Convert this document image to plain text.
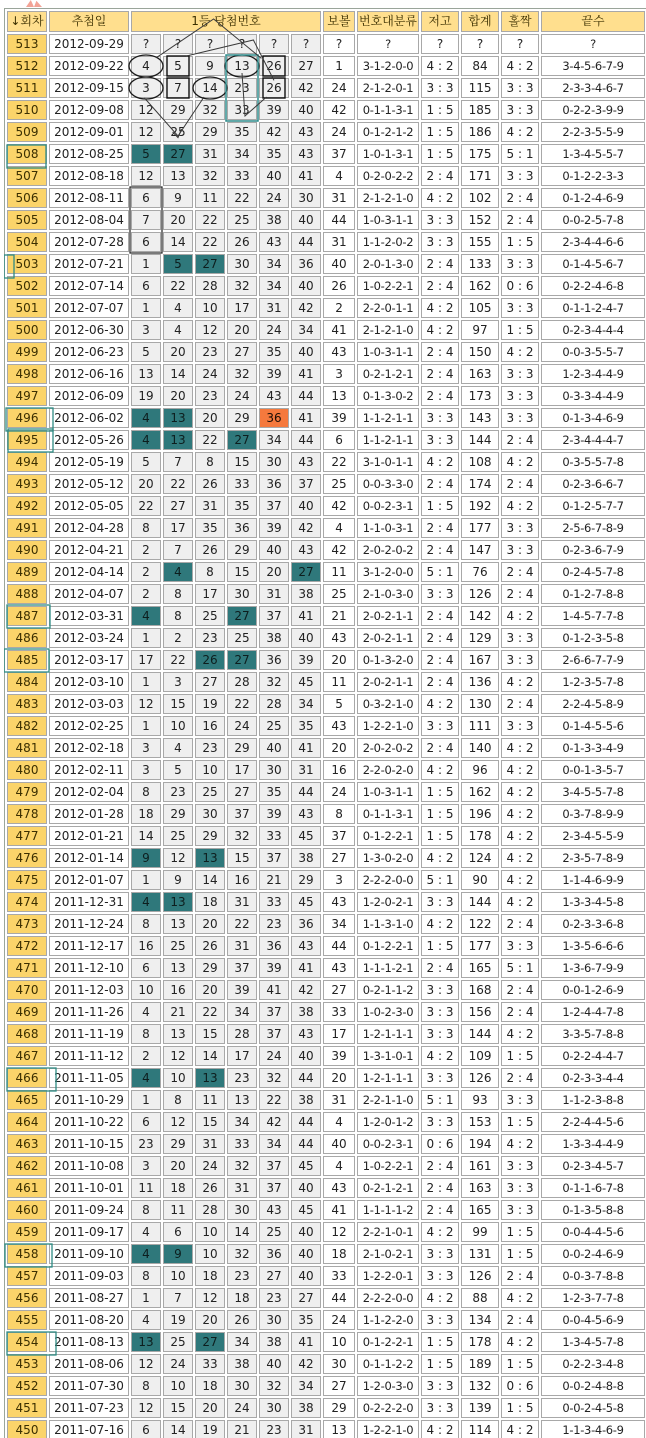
↓회차	추첨일	1등 당첨번호						보볼	번호대분류	저고	합계	홀짝	끝수
513	2012-09-29	?	?	?	?	?	?	?	?	?	?	?	?
512	2012-09-22	4	5	9	13	26	27	1	3-1-2-0-0	4 : 2	84	4 : 2	3-4-5-6-7-9
511	2012-09-15	3	7	14	23	26	42	24	2-1-2-0-1	3 : 3	115	3 : 3	2-3-3-4-6-7
510	2012-09-08	12	29	32	33	39	40	42	0-1-1-3-1	1 : 5	185	3 : 3	0-2-2-3-9-9
509	2012-09-01	12	25	29	35	42	43	24	0-1-2-1-2	1 : 5	186	4 : 2	2-2-3-5-5-9
508	2012-08-25	5	27	31	34	35	43	37	1-0-1-3-1	1 : 5	175	5 : 1	1-3-4-5-5-7
507	2012-08-18	12	13	32	33	40	41	4	0-2-0-2-2	2 : 4	171	3 : 3	0-1-2-2-3-3
506	2012-08-11	6	9	11	22	24	30	31	2-1-2-1-0	4 : 2	102	2 : 4	0-1-2-4-6-9
505	2012-08-04	7	20	22	25	38	40	44	1-0-3-1-1	3 : 3	152	2 : 4	0-0-2-5-7-8
504	2012-07-28	6	14	22	26	43	44	31	1-1-2-0-2	3 : 3	155	1 : 5	2-3-4-4-6-6
503	2012-07-21	1	5	27	30	34	36	40	2-0-1-3-0	2 : 4	133	3 : 3	0-1-4-5-6-7
502	2012-07-14	6	22	28	32	34	40	26	1-0-2-2-1	2 : 4	162	0 : 6	0-2-2-4-6-8
501	2012-07-07	1	4	10	17	31	42	2	2-2-0-1-1	4 : 2	105	3 : 3	0-1-1-2-4-7
500	2012-06-30	3	4	12	20	24	34	41	2-1-2-1-0	4 : 2	97	1 : 5	0-2-3-4-4-4
499	2012-06-23	5	20	23	27	35	40	43	1-0-3-1-1	2 : 4	150	4 : 2	0-0-3-5-5-7
498	2012-06-16	13	14	24	32	39	41	3	0-2-1-2-1	2 : 4	163	3 : 3	1-2-3-4-4-9
497	2012-06-09	19	20	23	24	43	44	13	0-1-3-0-2	2 : 4	173	3 : 3	0-3-3-4-4-9
496	2012-06-02	4	13	20	29	36	41	39	1-1-2-1-1	3 : 3	143	3 : 3	0-1-3-4-6-9
495	2012-05-26	4	13	22	27	34	44	6	1-1-2-1-1	3 : 3	144	2 : 4	2-3-4-4-4-7
494	2012-05-19	5	7	8	15	30	43	22	3-1-0-1-1	4 : 2	108	4 : 2	0-3-5-5-7-8
493	2012-05-12	20	22	26	33	36	37	25	0-0-3-3-0	2 : 4	174	2 : 4	0-2-3-6-6-7
492	2012-05-05	22	27	31	35	37	40	42	0-0-2-3-1	1 : 5	192	4 : 2	0-1-2-5-7-7
491	2012-04-28	8	17	35	36	39	42	4	1-1-0-3-1	2 : 4	177	3 : 3	2-5-6-7-8-9
490	2012-04-21	2	7	26	29	40	43	42	2-0-2-0-2	2 : 4	147	3 : 3	0-2-3-6-7-9
489	2012-04-14	2	4	8	15	20	27	11	3-1-2-0-0	5 : 1	76	2 : 4	0-2-4-5-7-8
488	2012-04-07	2	8	17	30	31	38	25	2-1-0-3-0	3 : 3	126	2 : 4	0-1-2-7-8-8
487	2012-03-31	4	8	25	27	37	41	21	2-0-2-1-1	2 : 4	142	4 : 2	1-4-5-7-7-8
486	2012-03-24	1	2	23	25	38	40	43	2-0-2-1-1	2 : 4	129	3 : 3	0-1-2-3-5-8
485	2012-03-17	17	22	26	27	36	39	20	0-1-3-2-0	2 : 4	167	3 : 3	2-6-6-7-7-9
484	2012-03-10	1	3	27	28	32	45	11	2-0-2-1-1	2 : 4	136	4 : 2	1-2-3-5-7-8
483	2012-03-03	12	15	19	22	28	34	5	0-3-2-1-0	4 : 2	130	2 : 4	2-2-4-5-8-9
482	2012-02-25	1	10	16	24	25	35	43	1-2-2-1-0	3 : 3	111	3 : 3	0-1-4-5-5-6
481	2012-02-18	3	4	23	29	40	41	20	2-0-2-0-2	2 : 4	140	4 : 2	0-1-3-3-4-9
480	2012-02-11	3	5	10	17	30	31	16	2-2-0-2-0	4 : 2	96	4 : 2	0-0-1-3-5-7
479	2012-02-04	8	23	25	27	35	44	24	1-0-3-1-1	1 : 5	162	4 : 2	3-4-5-5-7-8
478	2012-01-28	18	29	30	37	39	43	8	0-1-1-3-1	1 : 5	196	4 : 2	0-3-7-8-9-9
477	2012-01-21	14	25	29	32	33	45	37	0-1-2-2-1	1 : 5	178	4 : 2	2-3-4-5-5-9
476	2012-01-14	9	12	13	15	37	38	27	1-3-0-2-0	4 : 2	124	4 : 2	2-3-5-7-8-9
475	2012-01-07	1	9	14	16	21	29	3	2-2-2-0-0	5 : 1	90	4 : 2	1-1-4-6-9-9
474	2011-12-31	4	13	18	31	33	45	43	1-2-0-2-1	3 : 3	144	4 : 2	1-3-3-4-5-8
473	2011-12-24	8	13	20	22	23	36	34	1-1-3-1-0	4 : 2	122	2 : 4	0-2-3-3-6-8
472	2011-12-17	16	25	26	31	36	43	44	0-1-2-2-1	1 : 5	177	3 : 3	1-3-5-6-6-6
471	2011-12-10	6	13	29	37	39	41	43	1-1-1-2-1	2 : 4	165	5 : 1	1-3-6-7-9-9
470	2011-12-03	10	16	20	39	41	42	27	0-2-1-1-2	3 : 3	168	2 : 4	0-0-1-2-6-9
469	2011-11-26	4	21	22	34	37	38	33	1-0-2-3-0	3 : 3	156	2 : 4	1-2-4-4-7-8
468	2011-11-19	8	13	15	28	37	43	17	1-2-1-1-1	3 : 3	144	4 : 2	3-3-5-7-8-8
467	2011-11-12	2	12	14	17	24	40	39	1-3-1-0-1	4 : 2	109	1 : 5	0-2-2-4-4-7
466	2011-11-05	4	10	13	23	32	44	20	1-2-1-1-1	3 : 3	126	2 : 4	0-2-3-3-4-4
465	2011-10-29	1	8	11	13	22	38	31	2-2-1-1-0	5 : 1	93	3 : 3	1-1-2-3-8-8
464	2011-10-22	6	12	15	34	42	44	4	1-2-0-1-2	3 : 3	153	1 : 5	2-2-4-4-5-6
463	2011-10-15	23	29	31	33	34	44	40	0-0-2-3-1	0 : 6	194	4 : 2	1-3-3-4-4-9
462	2011-10-08	3	20	24	32	37	45	4	1-0-2-2-1	2 : 4	161	3 : 3	0-2-3-4-5-7
461	2011-10-01	11	18	26	31	37	40	43	0-2-1-2-1	2 : 4	163	3 : 3	0-1-1-6-7-8
460	2011-09-24	8	11	28	30	43	45	41	1-1-1-1-2	2 : 4	165	3 : 3	0-1-3-5-8-8
459	2011-09-17	4	6	10	14	25	40	12	2-2-1-0-1	4 : 2	99	1 : 5	0-0-4-4-5-6
458	2011-09-10	4	9	10	32	36	40	18	2-1-0-2-1	3 : 3	131	1 : 5	0-0-2-4-6-9
457	2011-09-03	8	10	18	23	27	40	33	1-2-2-0-1	3 : 3	126	2 : 4	0-0-3-7-8-8
456	2011-08-27	1	7	12	18	23	27	44	2-2-2-0-0	4 : 2	88	4 : 2	1-2-3-7-7-8
455	2011-08-20	4	19	20	26	30	35	24	1-1-2-2-0	3 : 3	134	2 : 4	0-0-4-5-6-9
454	2011-08-13	13	25	27	34	38	41	10	0-1-2-2-1	1 : 5	178	4 : 2	1-3-4-5-7-8
453	2011-08-06	12	24	33	38	40	42	30	0-1-1-2-2	1 : 5	189	1 : 5	0-2-2-3-4-8
452	2011-07-30	8	10	18	30	32	34	27	1-2-0-3-0	3 : 3	132	0 : 6	0-0-2-4-8-8
451	2011-07-23	12	15	20	24	30	38	29	0-2-2-2-0	3 : 3	139	1 : 5	0-0-2-4-5-8
450	2011-07-16	6	14	19	21	23	31	13	1-2-2-1-0	4 : 2	114	4 : 2	1-1-3-4-6-9
